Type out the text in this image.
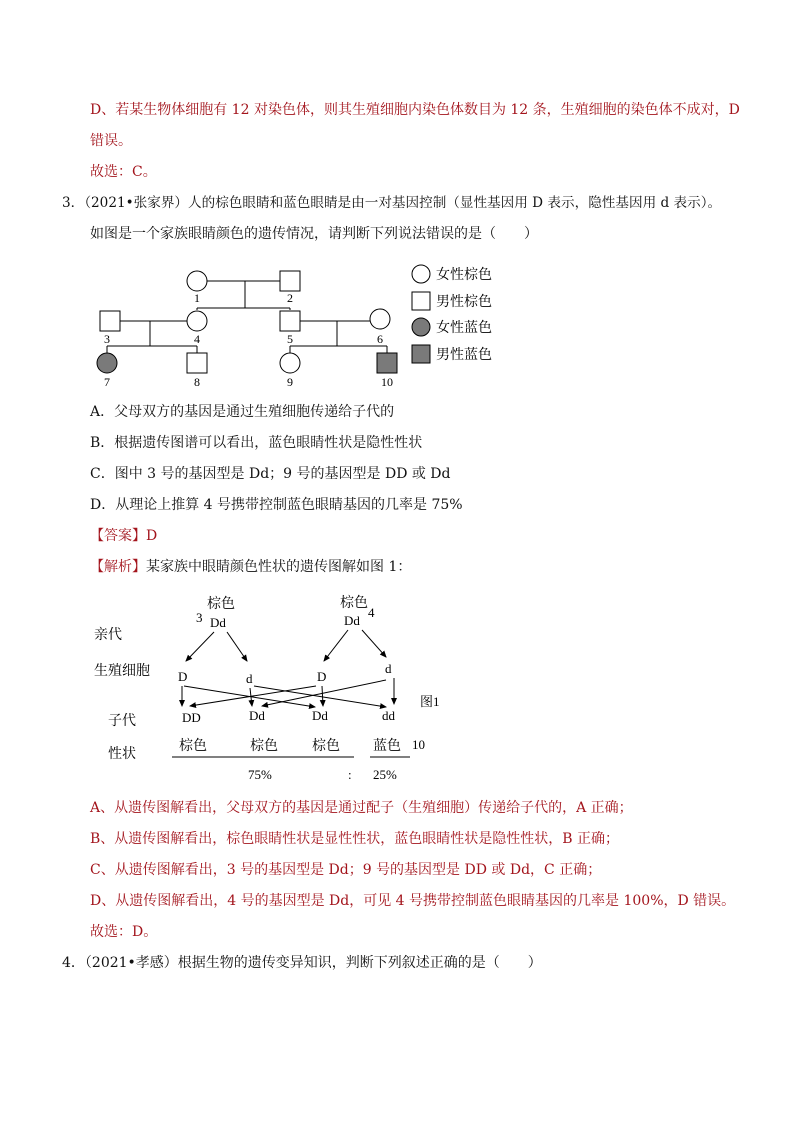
D、若某生物体细胞有 12 对染色体，则其生殖细胞内染色体数目为 12 条，生殖细胞的染色体不成对，D
错误。
故选：C。
3．（2021•张家界）人的棕色眼睛和蓝色眼睛是由一对基因控制（显性基因用 D 表示，隐性基因用 d 表示）。
如图是一个家族眼睛颜色的遗传情况，请判断下列说法错误的是（　　）
1	2
3	4	5	6
7	8	9	10
女性棕色
男性棕色
女性蓝色
男性蓝色
A．父母双方的基因是通过生殖细胞传递给子代的
B．根据遗传图谱可以看出，蓝色眼睛性状是隐性性状
C．图中 3 号的基因型是 Dd；9 号的基因型是 DD 或 Dd
D．从理论上推算 4 号携带控制蓝色眼睛基因的几率是 75%
【答案】D
【解析】某家族中眼睛颜色性状的遗传图解如图 1：
亲代
生殖细胞
子代
性状
棕色	棕色
棕色	棕色 棕色 蓝色
3 Dd
4
Dd
D	d	D
d
DD	Dd	Dd	dd
10
图1
75%	: 25%
A、从遗传图解看出，父母双方的基因是通过配子（生殖细胞）传递给子代的，A 正确；
B、从遗传图解看出，棕色眼睛性状是显性性状，蓝色眼睛性状是隐性性状，B 正确；
C、从遗传图解看出，3 号的基因型是 Dd；9 号的基因型是 DD 或 Dd，C 正确；
D、从遗传图解看出，4 号的基因型是 Dd，可见 4 号携带控制蓝色眼睛基因的几率是 100%，D 错误。
故选：D。
4．（2021•孝感）根据生物的遗传变异知识，判断下列叙述正确的是（　　）
